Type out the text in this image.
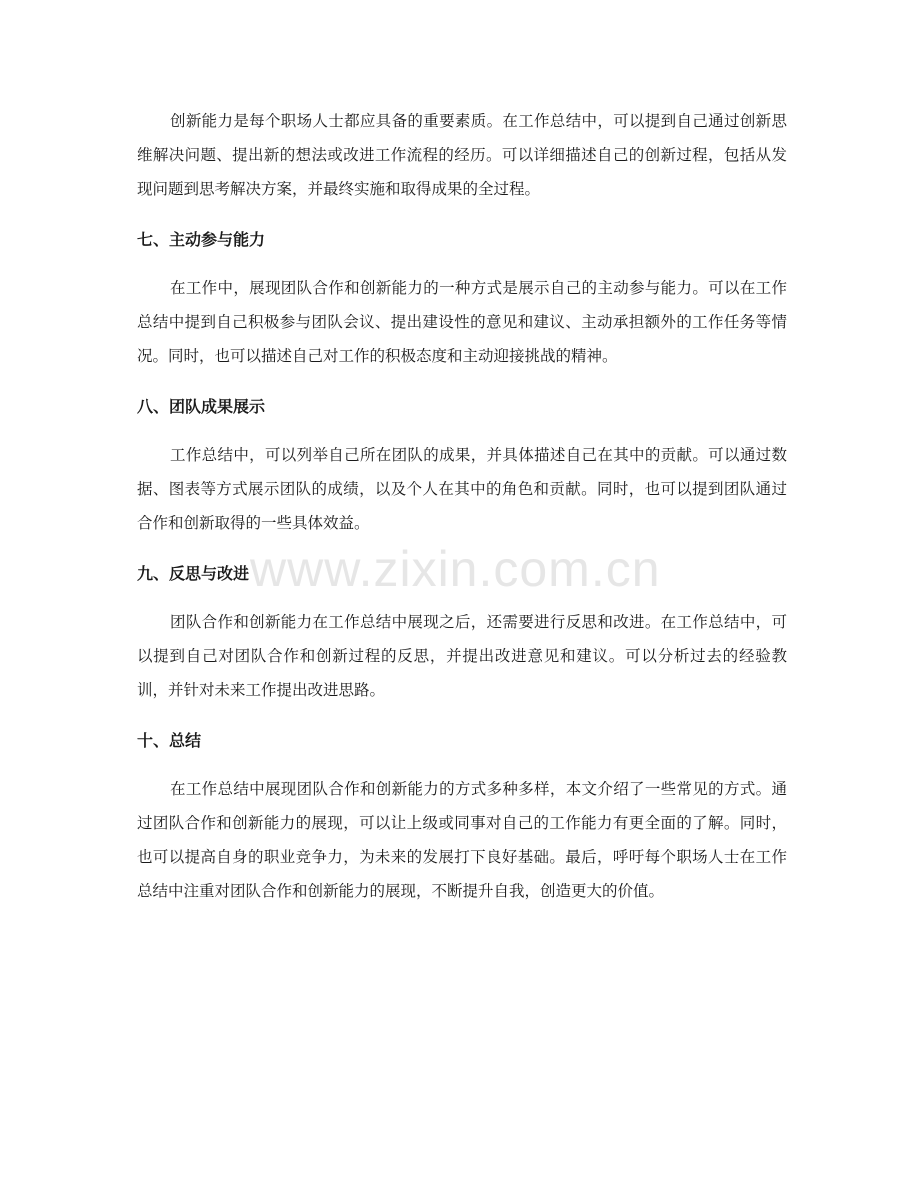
www.zixin.com.cn

创新能力是每个职场人士都应具备的重要素质。在工作总结中，可以提到自己通过创新思维解决问题、提出新的想法或改进工作流程的经历。可以详细描述自己的创新过程，包括从发现问题到思考解决方案，并最终实施和取得成果的全过程。

七、主动参与能力

在工作中，展现团队合作和创新能力的一种方式是展示自己的主动参与能力。可以在工作总结中提到自己积极参与团队会议、提出建设性的意见和建议、主动承担额外的工作任务等情况。同时，也可以描述自己对工作的积极态度和主动迎接挑战的精神。

八、团队成果展示

工作总结中，可以列举自己所在团队的成果，并具体描述自己在其中的贡献。可以通过数据、图表等方式展示团队的成绩，以及个人在其中的角色和贡献。同时，也可以提到团队通过合作和创新取得的一些具体效益。

九、反思与改进

团队合作和创新能力在工作总结中展现之后，还需要进行反思和改进。在工作总结中，可以提到自己对团队合作和创新过程的反思，并提出改进意见和建议。可以分析过去的经验教训，并针对未来工作提出改进思路。

十、总结

在工作总结中展现团队合作和创新能力的方式多种多样，本文介绍了一些常见的方式。通过团队合作和创新能力的展现，可以让上级或同事对自己的工作能力有更全面的了解。同时，也可以提高自身的职业竞争力，为未来的发展打下良好基础。最后，呼吁每个职场人士在工作总结中注重对团队合作和创新能力的展现，不断提升自我，创造更大的价值。
